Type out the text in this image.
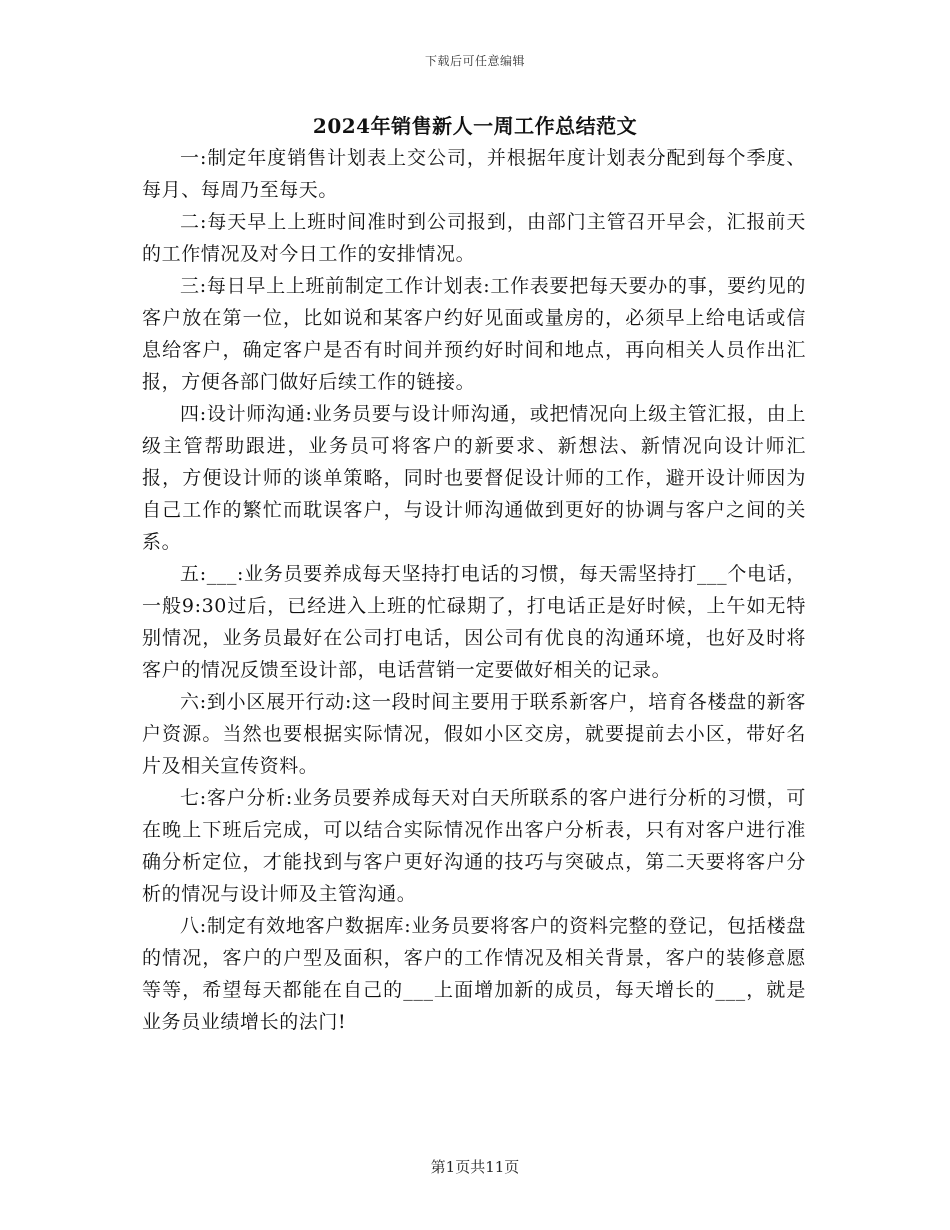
下载后可任意编辑
2024年销售新人一周工作总结范文

一:制定年度销售计划表上交公司，并根据年度计划表分配到每个季度、每月、每周乃至每天。

二:每天早上上班时间准时到公司报到，由部门主管召开早会，汇报前天的工作情况及对今日工作的安排情况。

三:每日早上上班前制定工作计划表:工作表要把每天要办的事，要约见的客户放在第一位，比如说和某客户约好见面或量房的，必须早上给电话或信息给客户，确定客户是否有时间并预约好时间和地点，再向相关人员作出汇报，方便各部门做好后续工作的链接。

四:设计师沟通:业务员要与设计师沟通，或把情况向上级主管汇报，由上级主管帮助跟进，业务员可将客户的新要求、新想法、新情况向设计师汇报，方便设计师的谈单策略，同时也要督促设计师的工作，避开设计师因为自己工作的繁忙而耽误客户，与设计师沟通做到更好的协调与客户之间的关系。

五:___:业务员要养成每天坚持打电话的习惯，每天需坚持打___个电话，一般9:30过后，已经进入上班的忙碌期了，打电话正是好时候，上午如无特别情况，业务员最好在公司打电话，因公司有优良的沟通环境，也好及时将客户的情况反馈至设计部，电话营销一定要做好相关的记录。

六:到小区展开行动:这一段时间主要用于联系新客户，培育各楼盘的新客户资源。当然也要根据实际情况，假如小区交房，就要提前去小区，带好名片及相关宣传资料。

七:客户分析:业务员要养成每天对白天所联系的客户进行分析的习惯，可在晚上下班后完成，可以结合实际情况作出客户分析表，只有对客户进行准确分析定位，才能找到与客户更好沟通的技巧与突破点，第二天要将客户分析的情况与设计师及主管沟通。

八:制定有效地客户数据库:业务员要将客户的资料完整的登记，包括楼盘的情况，客户的户型及面积，客户的工作情况及相关背景，客户的装修意愿等等，希望每天都能在自己的___上面增加新的成员，每天增长的___，就是业务员业绩增长的法门!

第1页共11页
